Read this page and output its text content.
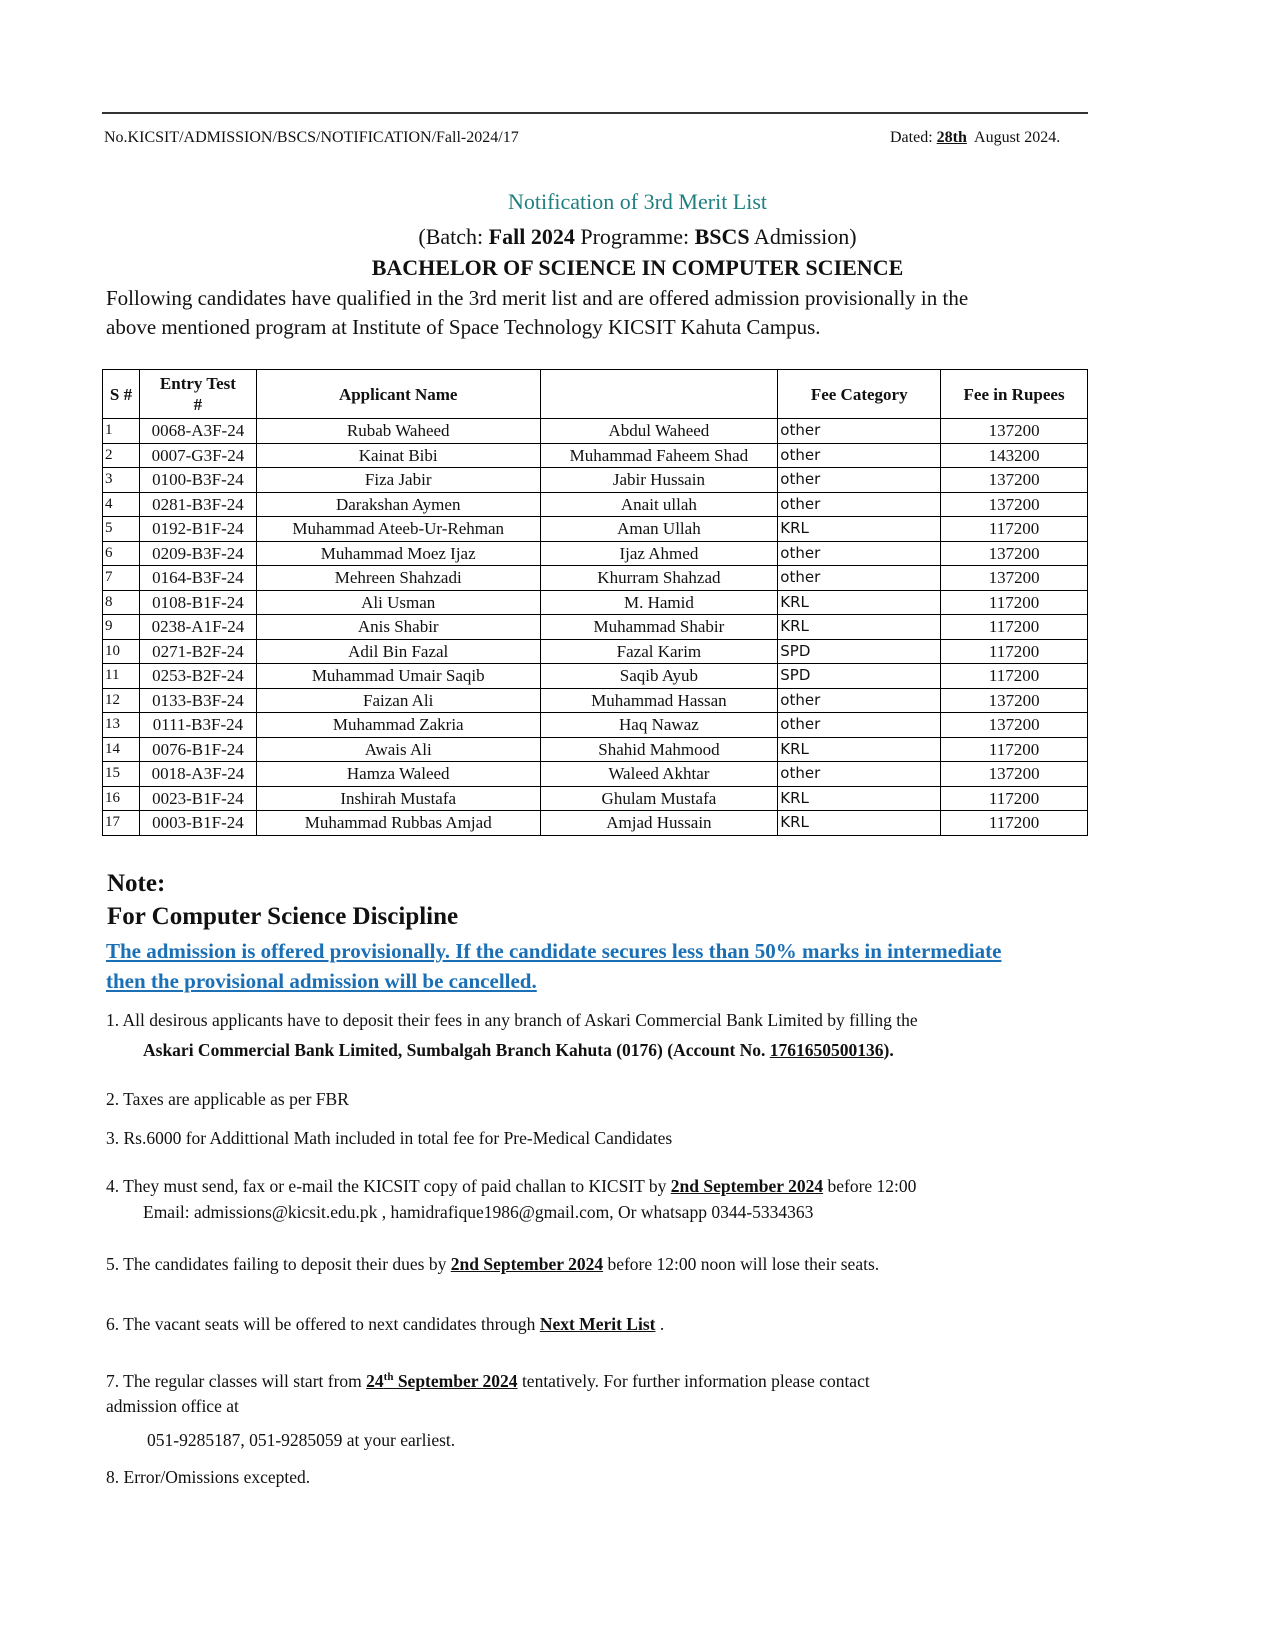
No.KICSIT/ADMISSION/BSCS/NOTIFICATION/Fall-2024/17	Dated: 28th August 2024.
Notification of 3rd Merit List
(Batch: Fall 2024 Programme: BSCS Admission)
BACHELOR OF SCIENCE IN COMPUTER SCIENCE
Following candidates have qualified in the 3rd merit list and are offered admission provisionally in the above mentioned program at Institute of Space Technology KICSIT Kahuta Campus.
S #	Entry Test #	Applicant Name		Fee Category	Fee in Rupees
1	0068-A3F-24	Rubab Waheed	Abdul Waheed	other	137200
2	0007-G3F-24	Kainat Bibi	Muhammad Faheem Shad	other	143200
3	0100-B3F-24	Fiza Jabir	Jabir Hussain	other	137200
4	0281-B3F-24	Darakshan Aymen	Anait ullah	other	137200
5	0192-B1F-24	Muhammad Ateeb-Ur-Rehman	Aman Ullah	KRL	117200
6	0209-B3F-24	Muhammad Moez Ijaz	Ijaz Ahmed	other	137200
7	0164-B3F-24	Mehreen Shahzadi	Khurram Shahzad	other	137200
8	0108-B1F-24	Ali Usman	M. Hamid	KRL	117200
9	0238-A1F-24	Anis Shabir	Muhammad Shabir	KRL	117200
10	0271-B2F-24	Adil Bin Fazal	Fazal Karim	SPD	117200
11	0253-B2F-24	Muhammad Umair Saqib	Saqib Ayub	SPD	117200
12	0133-B3F-24	Faizan Ali	Muhammad Hassan	other	137200
13	0111-B3F-24	Muhammad Zakria	Haq Nawaz	other	137200
14	0076-B1F-24	Awais Ali	Shahid Mahmood	KRL	117200
15	0018-A3F-24	Hamza Waleed	Waleed Akhtar	other	137200
16	0023-B1F-24	Inshirah Mustafa	Ghulam Mustafa	KRL	117200
17	0003-B1F-24	Muhammad Rubbas Amjad	Amjad Hussain	KRL	117200
Note:
For Computer Science Discipline
The admission is offered provisionally. If the candidate secures less than 50% marks in intermediate then the provisional admission will be cancelled.
1. All desirous applicants have to deposit their fees in any branch of Askari Commercial Bank Limited by filling the
Askari Commercial Bank Limited, Sumbalgah Branch Kahuta (0176) (Account No. 1761650500136).
2. Taxes are applicable as per FBR
3. Rs.6000 for Addittional Math included in total fee for Pre-Medical Candidates
4. They must send, fax or e-mail the KICSIT copy of paid challan to KICSIT by 2nd September 2024 before 12:00
Email: admissions@kicsit.edu.pk , hamidrafique1986@gmail.com, Or whatsapp 0344-5334363
5. The candidates failing to deposit their dues by 2nd September 2024 before 12:00 noon will lose their seats.
6. The vacant seats will be offered to next candidates through Next Merit List .
7. The regular classes will start from 24th September 2024 tentatively. For further information please contact
admission office at
051-9285187, 051-9285059 at your earliest.
8. Error/Omissions excepted.
